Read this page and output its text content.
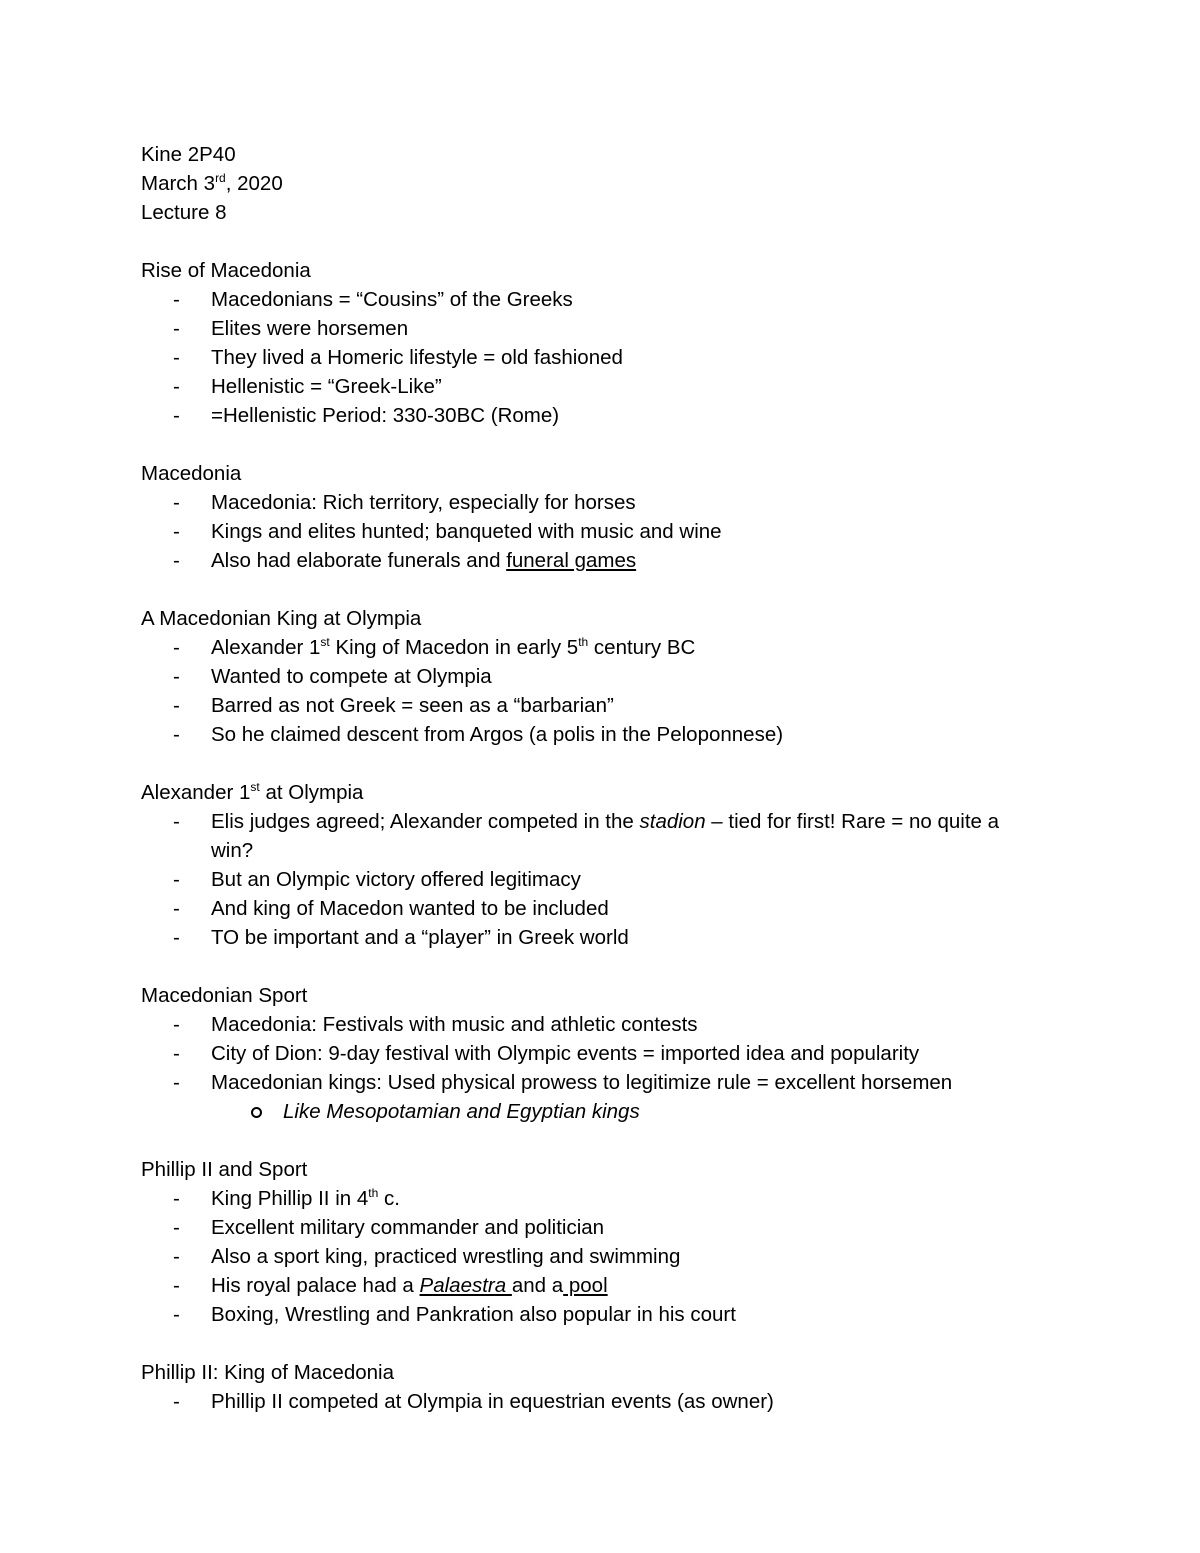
Kine 2P40
March 3rd, 2020
Lecture 8
Rise of Macedonia
- Macedonians = “Cousins” of the Greeks
- Elites were horsemen
- They lived a Homeric lifestyle = old fashioned
- Hellenistic = “Greek-Like”
- =Hellenistic Period: 330-30BC (Rome)
Macedonia
- Macedonia: Rich territory, especially for horses
- Kings and elites hunted; banqueted with music and wine
- Also had elaborate funerals and funeral games
A Macedonian King at Olympia
- Alexander 1st King of Macedon in early 5th century BC
- Wanted to compete at Olympia
- Barred as not Greek = seen as a “barbarian”
- So he claimed descent from Argos (a polis in the Peloponnese)
Alexander 1st at Olympia
- Elis judges agreed; Alexander competed in the stadion – tied for first! Rare = no quite a win?
- But an Olympic victory offered legitimacy
- And king of Macedon wanted to be included
- TO be important and a “player” in Greek world
Macedonian Sport
- Macedonia: Festivals with music and athletic contests
- City of Dion: 9-day festival with Olympic events = imported idea and popularity
- Macedonian kings: Used physical prowess to legitimize rule = excellent horsemen
Like Mesopotamian and Egyptian kings
Phillip II and Sport
- King Phillip II in 4th c.
- Excellent military commander and politician
- Also a sport king, practiced wrestling and swimming
- His royal palace had a Palaestra and a pool
- Boxing, Wrestling and Pankration also popular in his court
Phillip II: King of Macedonia
- Phillip II competed at Olympia in equestrian events (as owner)
